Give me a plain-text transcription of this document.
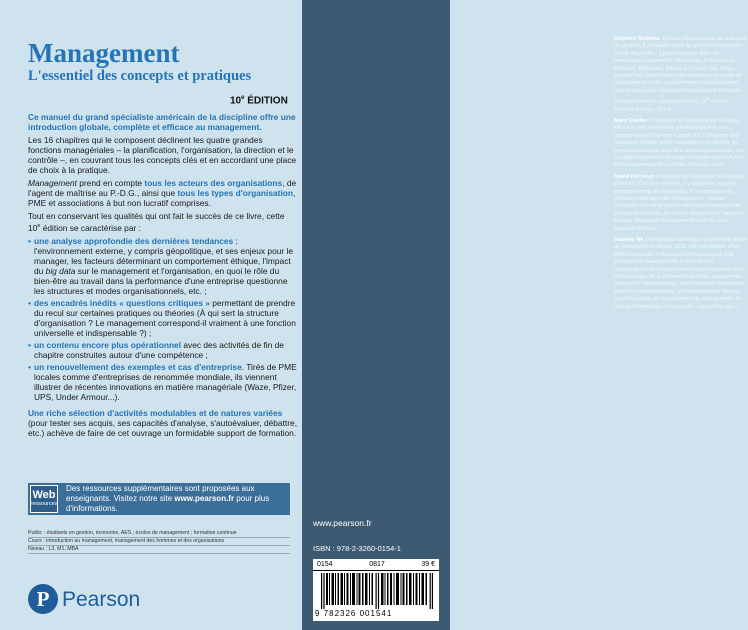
Management
L'essentiel des concepts et pratiques
10e ÉDITION

Ce manuel du grand spécialiste américain de la discipline offre une introduction globale, complète et efficace au management.

Les 16 chapitres qui le composent déclinent les quatre grandes fonctions managériales – la planification, l'organisation, la direction et le contrôle –, en couvrant tous les concepts clés et en accordant une place de choix à la pratique.

Management prend en compte tous les acteurs des organisations, de l'agent de maîtrise au P.-D.G., ainsi que tous les types d'organisation, PME et associations à but non lucratif comprises.

Tout en conservant les qualités qui ont fait le succès de ce livre, cette 10e édition se caractérise par :

• une analyse approfondie des dernières tendances : l'environnement externe, y compris géopolitique, et ses enjeux pour le manager, les facteurs déterminant un comportement éthique, l'impact du big data sur le management et l'organisation, en quoi le rôle du bien-être au travail dans la performance d'une entreprise questionne les structures et modes organisationnels, etc. ;
• des encadrés inédits « questions critiques » permettant de prendre du recul sur certaines pratiques ou théories (À qui sert la structure d'organisation ? Le management correspond-il vraiment à une fonction universelle et indispensable ?) ;
• un contenu encore plus opérationnel avec des activités de fin de chapitre construites autour d'une compétence ;
• un renouvellement des exemples et cas d'entreprise. Tirés de PME locales comme d'entreprises de renommée mondiale, ils viennent illustrer de récentes innovations en matière managériale (Waze, Pfizer, UPS, Under Armour...).

Une riche sélection d'activités modulables et de natures variées (pour tester ses acquis, ses capacités d'analyse, s'autoévaluer, débattre, etc.) achève de faire de cet ouvrage un formidable support de formation.

Web
ressources
Des ressources supplémentaires sont proposées aux enseignants. Visitez notre site www.pearson.fr pour plus d'informations.
Public : étudiants en gestion, économie, AES ; écoles de management ; formation continue
Cours : introduction au management, management des hommes et des organisations
Niveau : L3, M1, MBA
P Pearson

Stephen Robbins Titulaire d'un doctorat en sciences de gestion, il a travaillé pour de grandes entreprises (Shell, Reynolds...) puis enseigné dans de nombreuses universités (Nebraska, Concordia à Montréal, Baltimore, Illinois du Sud et San Diego aujourd'hui). Il est l'auteur de nombreux manuels de management et de comportement organisationnel, dont le best-seller mondial Organizational Behavior (Comportements organisationnels, 16e édition, Pearson France, 2014).

Mary Coulter Professeur à l'université de l'État du Missouri, elle s'intéresse particulièrement aux organisations à but non lucratif et à l'utilisation des nouveaux médias dans l'enseignement. Auteur de nombreux articles dans des revues spécialisées, elle a publié notamment Strategic Management in Action et Entrepreneurship in Action (Prentice Hall).

David DeCenzo Président de l'université de Coastal Carolina (Caroline du Sud), il y supervise tous les enseignements en leadership. Il est coauteur de plusieurs ouvrages de management : Human Relations: Personal and Professional Development, Employee Benefits, ou encore Supervision Today! et Human Resources Management coécrits avec Stephen Robbins.

Isabelle Né Enseignante-chercheur à Grenoble École de Management depuis 2011, elle est titulaire d'un DBA (Doctorate in Business Administration). Elle enseigne le management, la théorie des organisations, le comportement organisationnel et la méthodologie de la recherche dans les programmes français et internationaux. Ses domaines d'expertise sont les comportements, les interactions et risques psychosociaux, le management du changement, la culture d'entreprise et la pensée « out of the box ».

www.pearson.fr
ISBN : 978-2-3260-0154-1
0154	0817	39 €
9 782326 001541
